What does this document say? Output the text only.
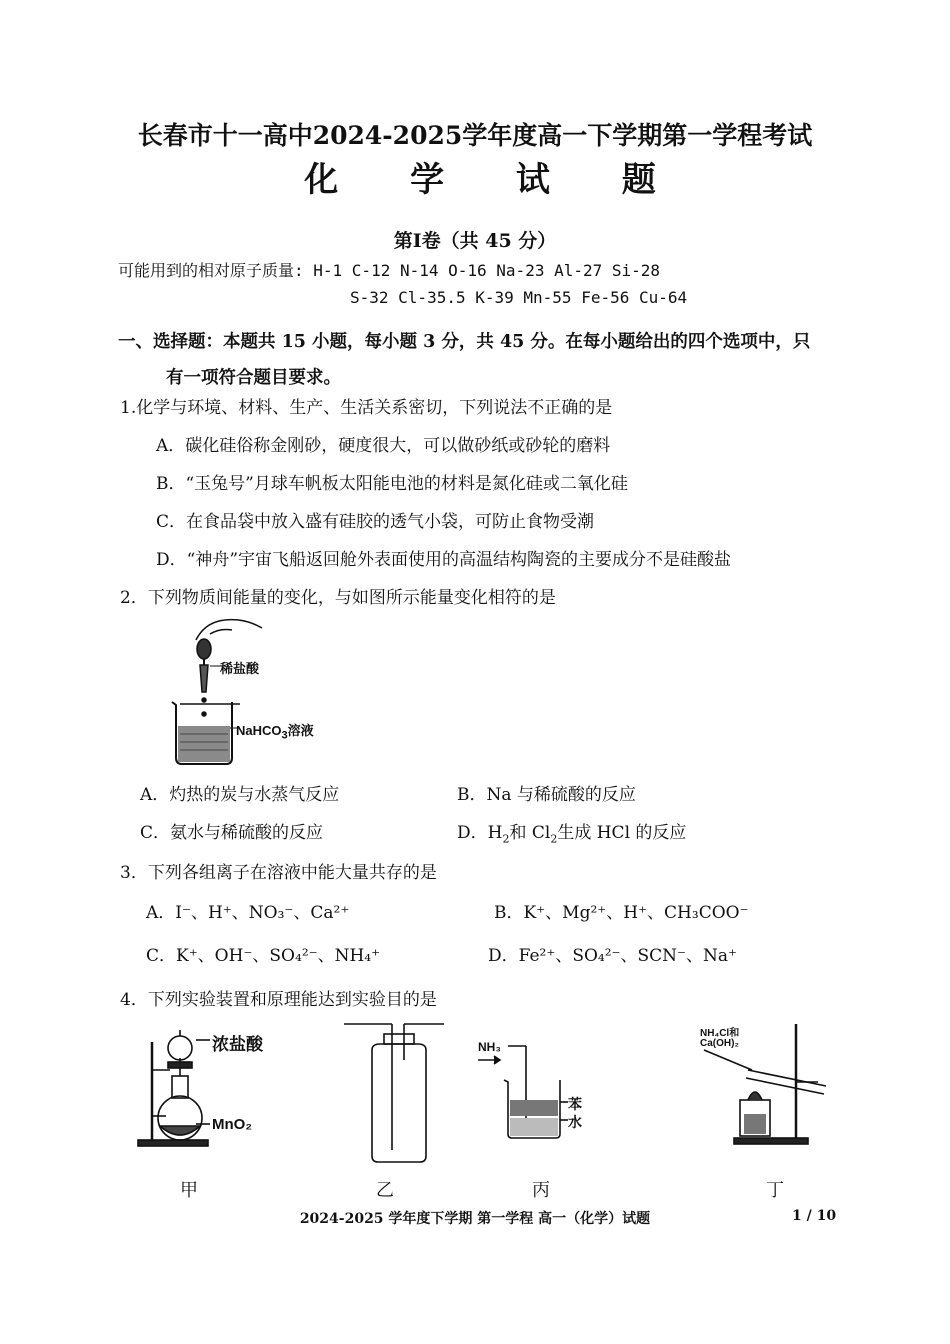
长春市十一高中2024-2025学年度高一下学期第一学程考试
化 学 试 题
第Ⅰ卷（共 45 分）
可能用到的相对原子质量: H-1 C-12 N-14 O-16 Na-23 Al-27 Si-28
S-32 Cl-35.5 K-39 Mn-55 Fe-56 Cu-64
一、选择题：本题共 15 小题，每小题 3 分，共 45 分。在每小题给出的四个选项中，只
有一项符合题目要求。
1.化学与环境、材料、生产、生活关系密切，下列说法不正确的是
A．碳化硅俗称金刚砂，硬度很大，可以做砂纸或砂轮的磨料
B．“玉兔号”月球车帆板太阳能电池的材料是氮化硅或二氧化硅
C．在食品袋中放入盛有硅胶的透气小袋，可防止食物受潮
D．“神舟”宇宙飞船返回舱外表面使用的高温结构陶瓷的主要成分不是硅酸盐
2．下列物质间能量的变化，与如图所示能量变化相符的是
稀盐酸
NaHCO$_3$溶液
A．灼热的炭与水蒸气反应	B．Na 与稀硫酸的反应
C．氨水与稀硫酸的反应	D．$H_2$和 $Cl_2$生成 HCl 的反应
3．下列各组离子在溶液中能大量共存的是
A．I⁻、H⁺、NO₃⁻、Ca²⁺	B．K⁺、Mg²⁺、H⁺、CH₃COO⁻
C．K⁺、OH⁻、SO₄²⁻、NH₄⁺	D．Fe²⁺、SO₄²⁻、SCN⁻、Na⁺
4．下列实验装置和原理能达到实验目的是
浓盐酸
MnO₂
NH₃
苯
水
NH₄Cl和
Ca(OH)₂
甲	乙	丙	丁
2024-2025 学年度下学期 第一学程 高一（化学）试题	1 / 10
